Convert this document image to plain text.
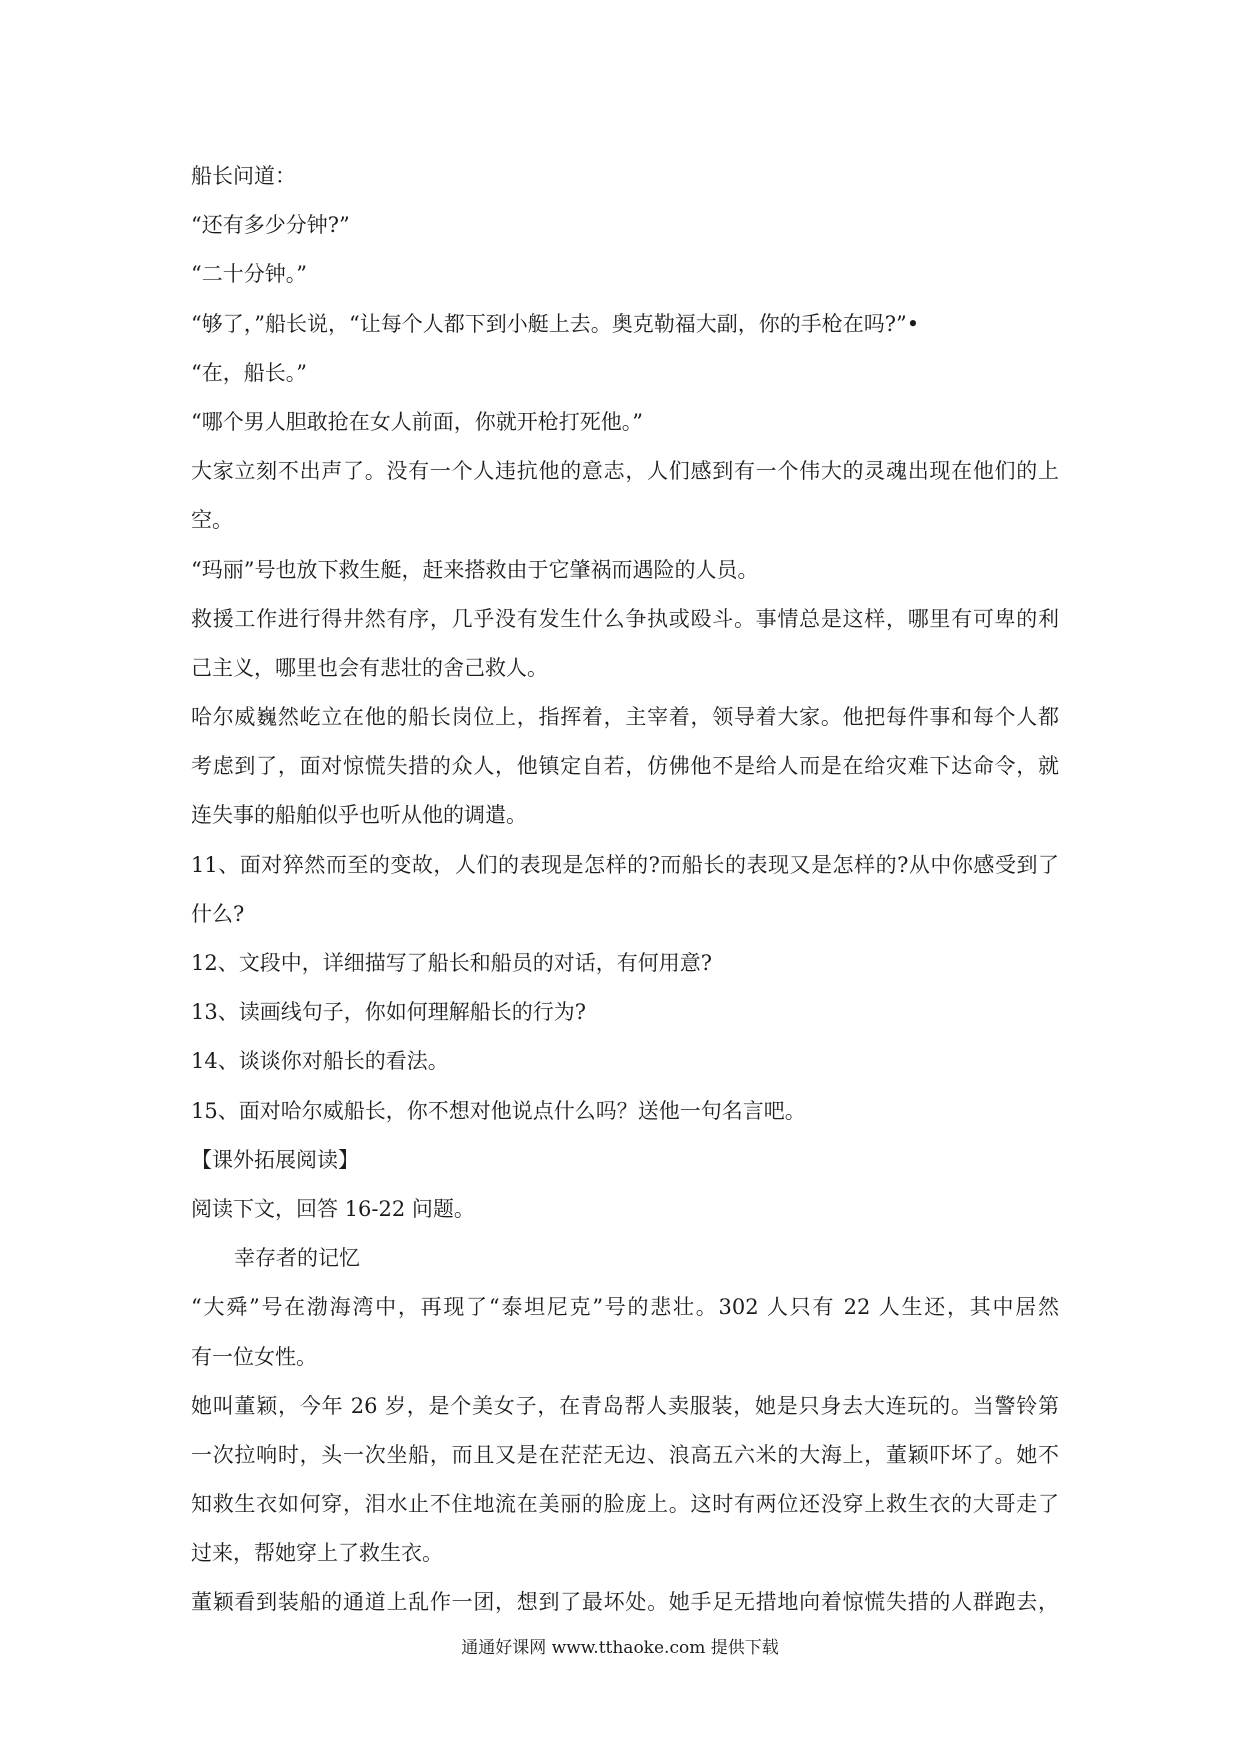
船长问道：
“还有多少分钟?”
“二十分钟。”
“够了，”船长说，“让每个人都下到小艇上去。奥克勒福大副，你的手枪在吗?”•
“在，船长。”
“哪个男人胆敢抢在女人前面，你就开枪打死他。”
大家立刻不出声了。没有一个人违抗他的意志，人们感到有一个伟大的灵魂出现在他们的上
空。
“玛丽”号也放下救生艇，赶来搭救由于它肇祸而遇险的人员。
救援工作进行得井然有序，几乎没有发生什么争执或殴斗。事情总是这样，哪里有可卑的利
己主义，哪里也会有悲壮的舍己救人。
哈尔威巍然屹立在他的船长岗位上，指挥着，主宰着，领导着大家。他把每件事和每个人都
考虑到了，面对惊慌失措的众人，他镇定自若，仿佛他不是给人而是在给灾难下达命令，就
连失事的船舶似乎也听从他的调遣。
11、面对猝然而至的变故，人们的表现是怎样的?而船长的表现又是怎样的?从中你感受到了
什么?
12、文段中，详细描写了船长和船员的对话，有何用意?
13、读画线句子，你如何理解船长的行为?
14、谈谈你对船长的看法。
15、面对哈尔威船长，你不想对他说点什么吗？送他一句名言吧。
【课外拓展阅读】
阅读下文，回答 16-22 问题。
幸存者的记忆
“大舜”号在渤海湾中，再现了“泰坦尼克”号的悲壮。302 人只有 22 人生还，其中居然
有一位女性。
她叫董颖，今年 26 岁，是个美女子，在青岛帮人卖服装，她是只身去大连玩的。当警铃第
一次拉响时，头一次坐船，而且又是在茫茫无边、浪高五六米的大海上，董颖吓坏了。她不
知救生衣如何穿，泪水止不住地流在美丽的脸庞上。这时有两位还没穿上救生衣的大哥走了
过来，帮她穿上了救生衣。
董颖看到装船的通道上乱作一团，想到了最坏处。她手足无措地向着惊慌失措的人群跑去，
通通好课网 www.tthaoke.com 提供下载
